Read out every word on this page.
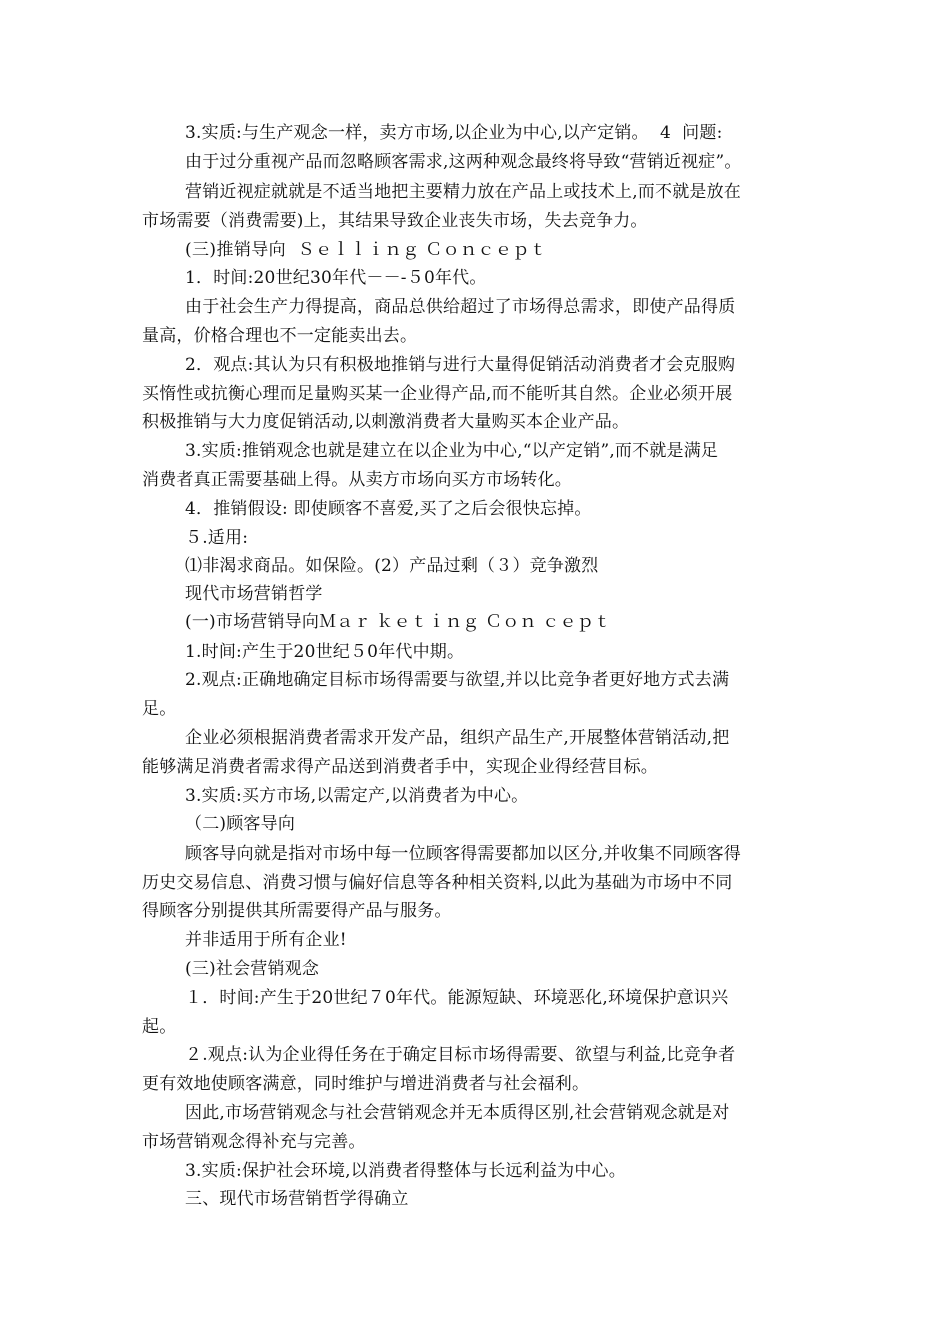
3.实质:与生产观念一样，卖方市场,以企业为中心,以产定销。  4  问题:
由于过分重视产品而忽略顾客需求,这两种观念最终将导致“营销近视症”。
营销近视症就就是不适当地把主要精力放在产品上或技术上,而不就是放在
市场需要（消费需要)上，其结果导致企业丧失市场，失去竞争力。
(三)推销导向  Ｓｅｌｌｉｎｇ Ｃｏｎｃｅｐｔ
1．时间:20世纪30年代－－-５0年代。
由于社会生产力得提高，商品总供给超过了市场得总需求，即使产品得质
量高，价格合理也不一定能卖出去。
2．观点:其认为只有积极地推销与进行大量得促销活动消费者才会克服购
买惰性或抗衡心理而足量购买某一企业得产品,而不能听其自然。企业必须开展
积极推销与大力度促销活动,以刺激消费者大量购买本企业产品。
3.实质:推销观念也就是建立在以企业为中心,“以产定销”,而不就是满足
消费者真正需要基础上得。从卖方市场向买方市场转化。
4．推销假设: 即使顾客不喜爱,买了之后会很快忘掉。
５.适用:
⑴非渴求商品。如保险。(2）产品过剩（３）竞争激烈
现代市场营销哲学
(一)市场营销导向Ｍａｒ ｋｅｔｉｎｇ Ｃｏｎ ｃｅｐｔ
1.时间:产生于20世纪５0年代中期。
2.观点:正确地确定目标市场得需要与欲望,并以比竞争者更好地方式去满
足。
企业必须根据消费者需求开发产品，组织产品生产,开展整体营销活动,把
能够满足消费者需求得产品送到消费者手中，实现企业得经营目标。
3.实质:买方市场,以需定产,以消费者为中心。
（二)顾客导向
顾客导向就是指对市场中每一位顾客得需要都加以区分,并收集不同顾客得
历史交易信息、消费习惯与偏好信息等各种相关资料,以此为基础为市场中不同
得顾客分别提供其所需要得产品与服务。
并非适用于所有企业!
(三)社会营销观念
１．时间:产生于20世纪７0年代。能源短缺、环境恶化,环境保护意识兴
起。
２.观点:认为企业得任务在于确定目标市场得需要、欲望与利益,比竞争者
更有效地使顾客满意，同时维护与增进消费者与社会福利。
因此,市场营销观念与社会营销观念并无本质得区别,社会营销观念就是对
市场营销观念得补充与完善。
3.实质:保护社会环境,以消费者得整体与长远利益为中心。
三、现代市场营销哲学得确立
